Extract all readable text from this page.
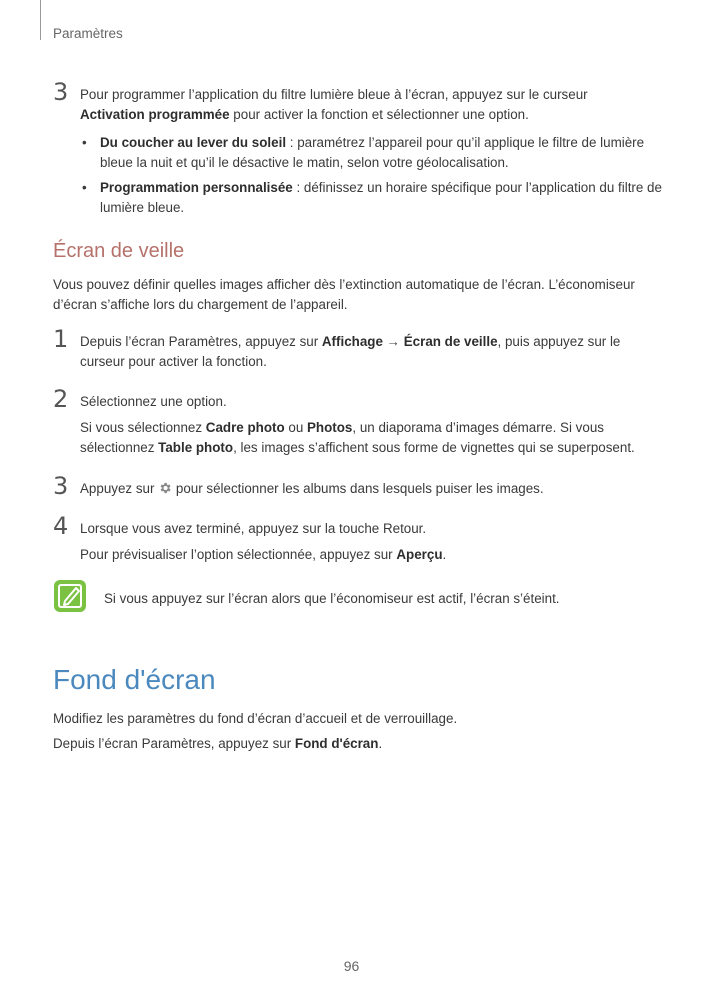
Paramètres
3 Pour programmer l’application du filtre lumière bleue à l’écran, appuyez sur le curseur
Activation programmée pour activer la fonction et sélectionner une option.
• Du coucher au lever du soleil : paramétrez l’appareil pour qu’il applique le filtre de lumière bleue la nuit et qu’il le désactive le matin, selon votre géolocalisation.
• Programmation personnalisée : définissez un horaire spécifique pour l’application du filtre de lumière bleue.
Écran de veille
Vous pouvez définir quelles images afficher dès l’extinction automatique de l’écran. L’économiseur d’écran s’affiche lors du chargement de l’appareil.
1 Depuis l’écran Paramètres, appuyez sur Affichage → Écran de veille, puis appuyez sur le curseur pour activer la fonction.
2 Sélectionnez une option.
Si vous sélectionnez Cadre photo ou Photos, un diaporama d’images démarre. Si vous sélectionnez Table photo, les images s’affichent sous forme de vignettes qui se superposent.
3 Appuyez sur  pour sélectionner les albums dans lesquels puiser les images.
4 Lorsque vous avez terminé, appuyez sur la touche Retour.
Pour prévisualiser l’option sélectionnée, appuyez sur Aperçu.
Si vous appuyez sur l’écran alors que l’économiseur est actif, l’écran s’éteint.
Fond d'écran
Modifiez les paramètres du fond d’écran d’accueil et de verrouillage.
Depuis l’écran Paramètres, appuyez sur Fond d'écran.
96
